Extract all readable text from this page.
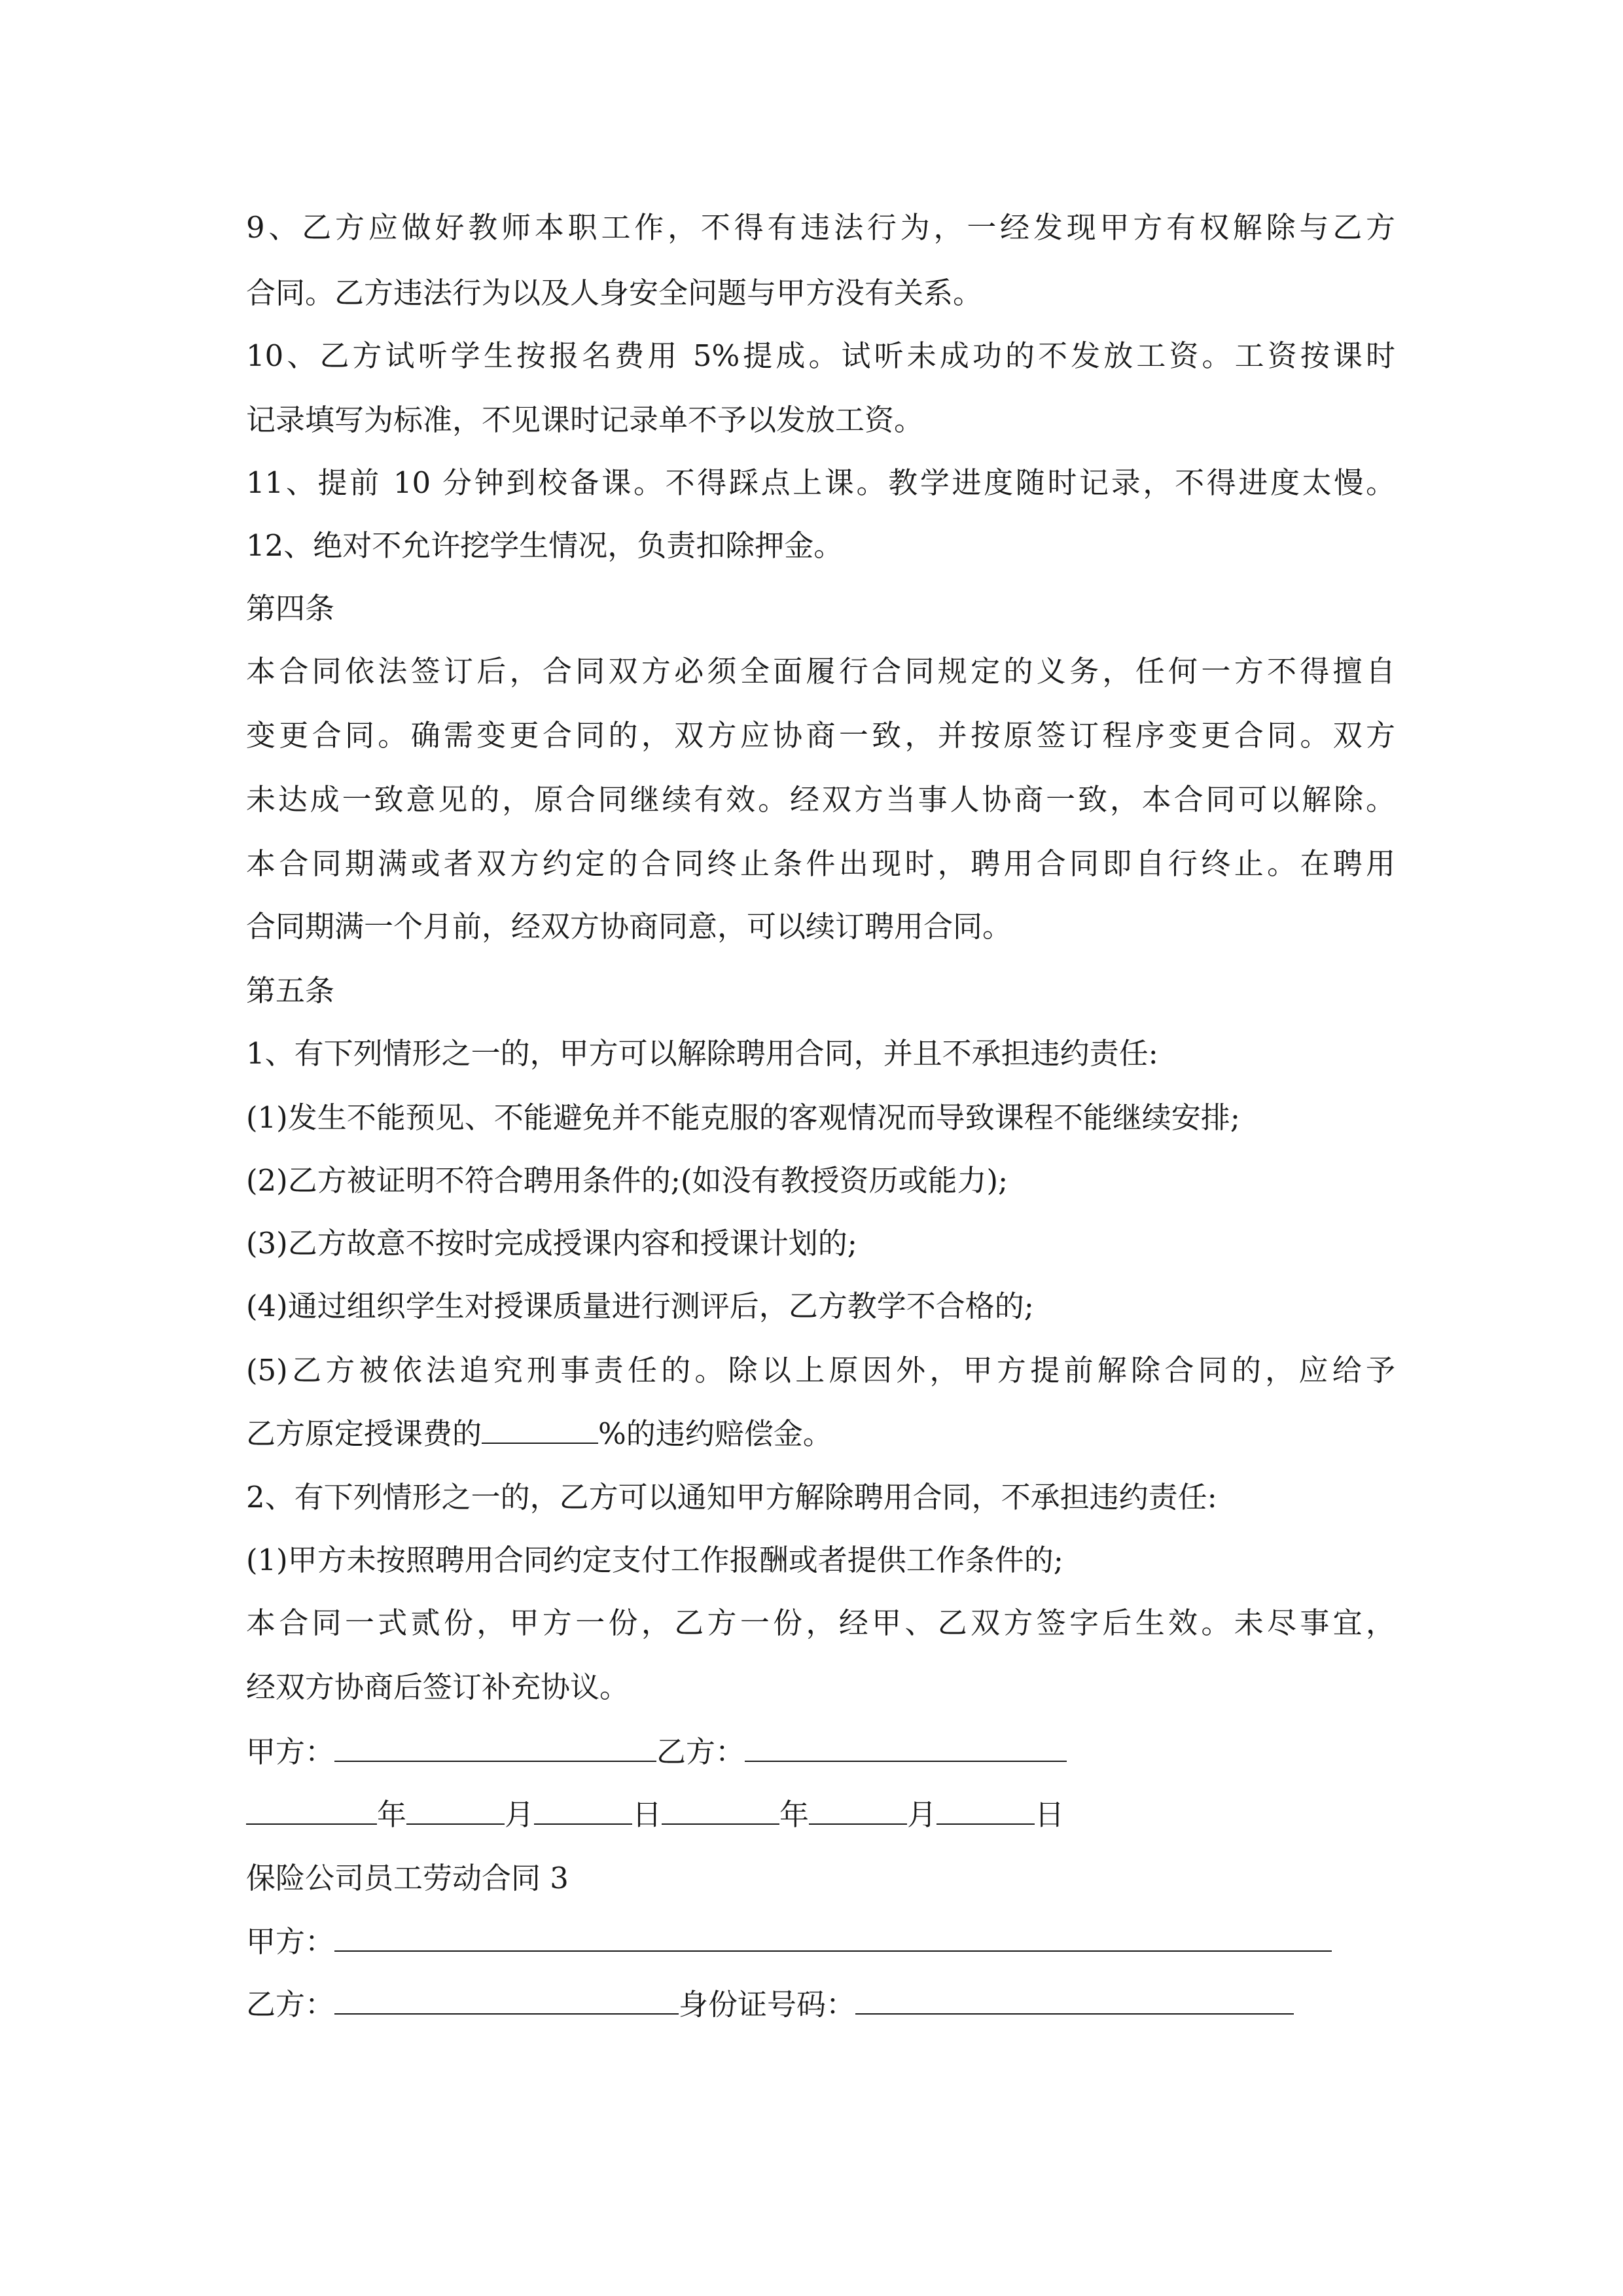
9、乙方应做好教师本职工作，不得有违法行为，一经发现甲方有权解除与乙方

合同。乙方违法行为以及人身安全问题与甲方没有关系。

10、乙方试听学生按报名费用 5%提成。试听未成功的不发放工资。工资按课时

记录填写为标准，不见课时记录单不予以发放工资。

11、提前 10 分钟到校备课。不得踩点上课。教学进度随时记录，不得进度太慢。

12、绝对不允许挖学生情况，负责扣除押金。

第四条

本合同依法签订后，合同双方必须全面履行合同规定的义务，任何一方不得擅自

变更合同。确需变更合同的，双方应协商一致，并按原签订程序变更合同。双方

未达成一致意见的，原合同继续有效。经双方当事人协商一致，本合同可以解除。

本合同期满或者双方约定的合同终止条件出现时，聘用合同即自行终止。在聘用

合同期满一个月前，经双方协商同意，可以续订聘用合同。

第五条

1、有下列情形之一的，甲方可以解除聘用合同，并且不承担违约责任:

(1)发生不能预见、不能避免并不能克服的客观情况而导致课程不能继续安排;

(2)乙方被证明不符合聘用条件的;(如没有教授资历或能力);

(3)乙方故意不按时完成授课内容和授课计划的;

(4)通过组织学生对授课质量进行测评后，乙方教学不合格的;

(5)乙方被依法追究刑事责任的。除以上原因外，甲方提前解除合同的，应给予

乙方原定授课费的	%的违约赔偿金。

2、有下列情形之一的，乙方可以通知甲方解除聘用合同，不承担违约责任:

(1)甲方未按照聘用合同约定支付工作报酬或者提供工作条件的;

本合同一式贰份，甲方一份，乙方一份，经甲、乙双方签字后生效。未尽事宜，

经双方协商后签订补充协议。

甲方：	乙方：

年	月	日	年	月	日

保险公司员工劳动合同 3

甲方：

乙方：	身份证号码：
